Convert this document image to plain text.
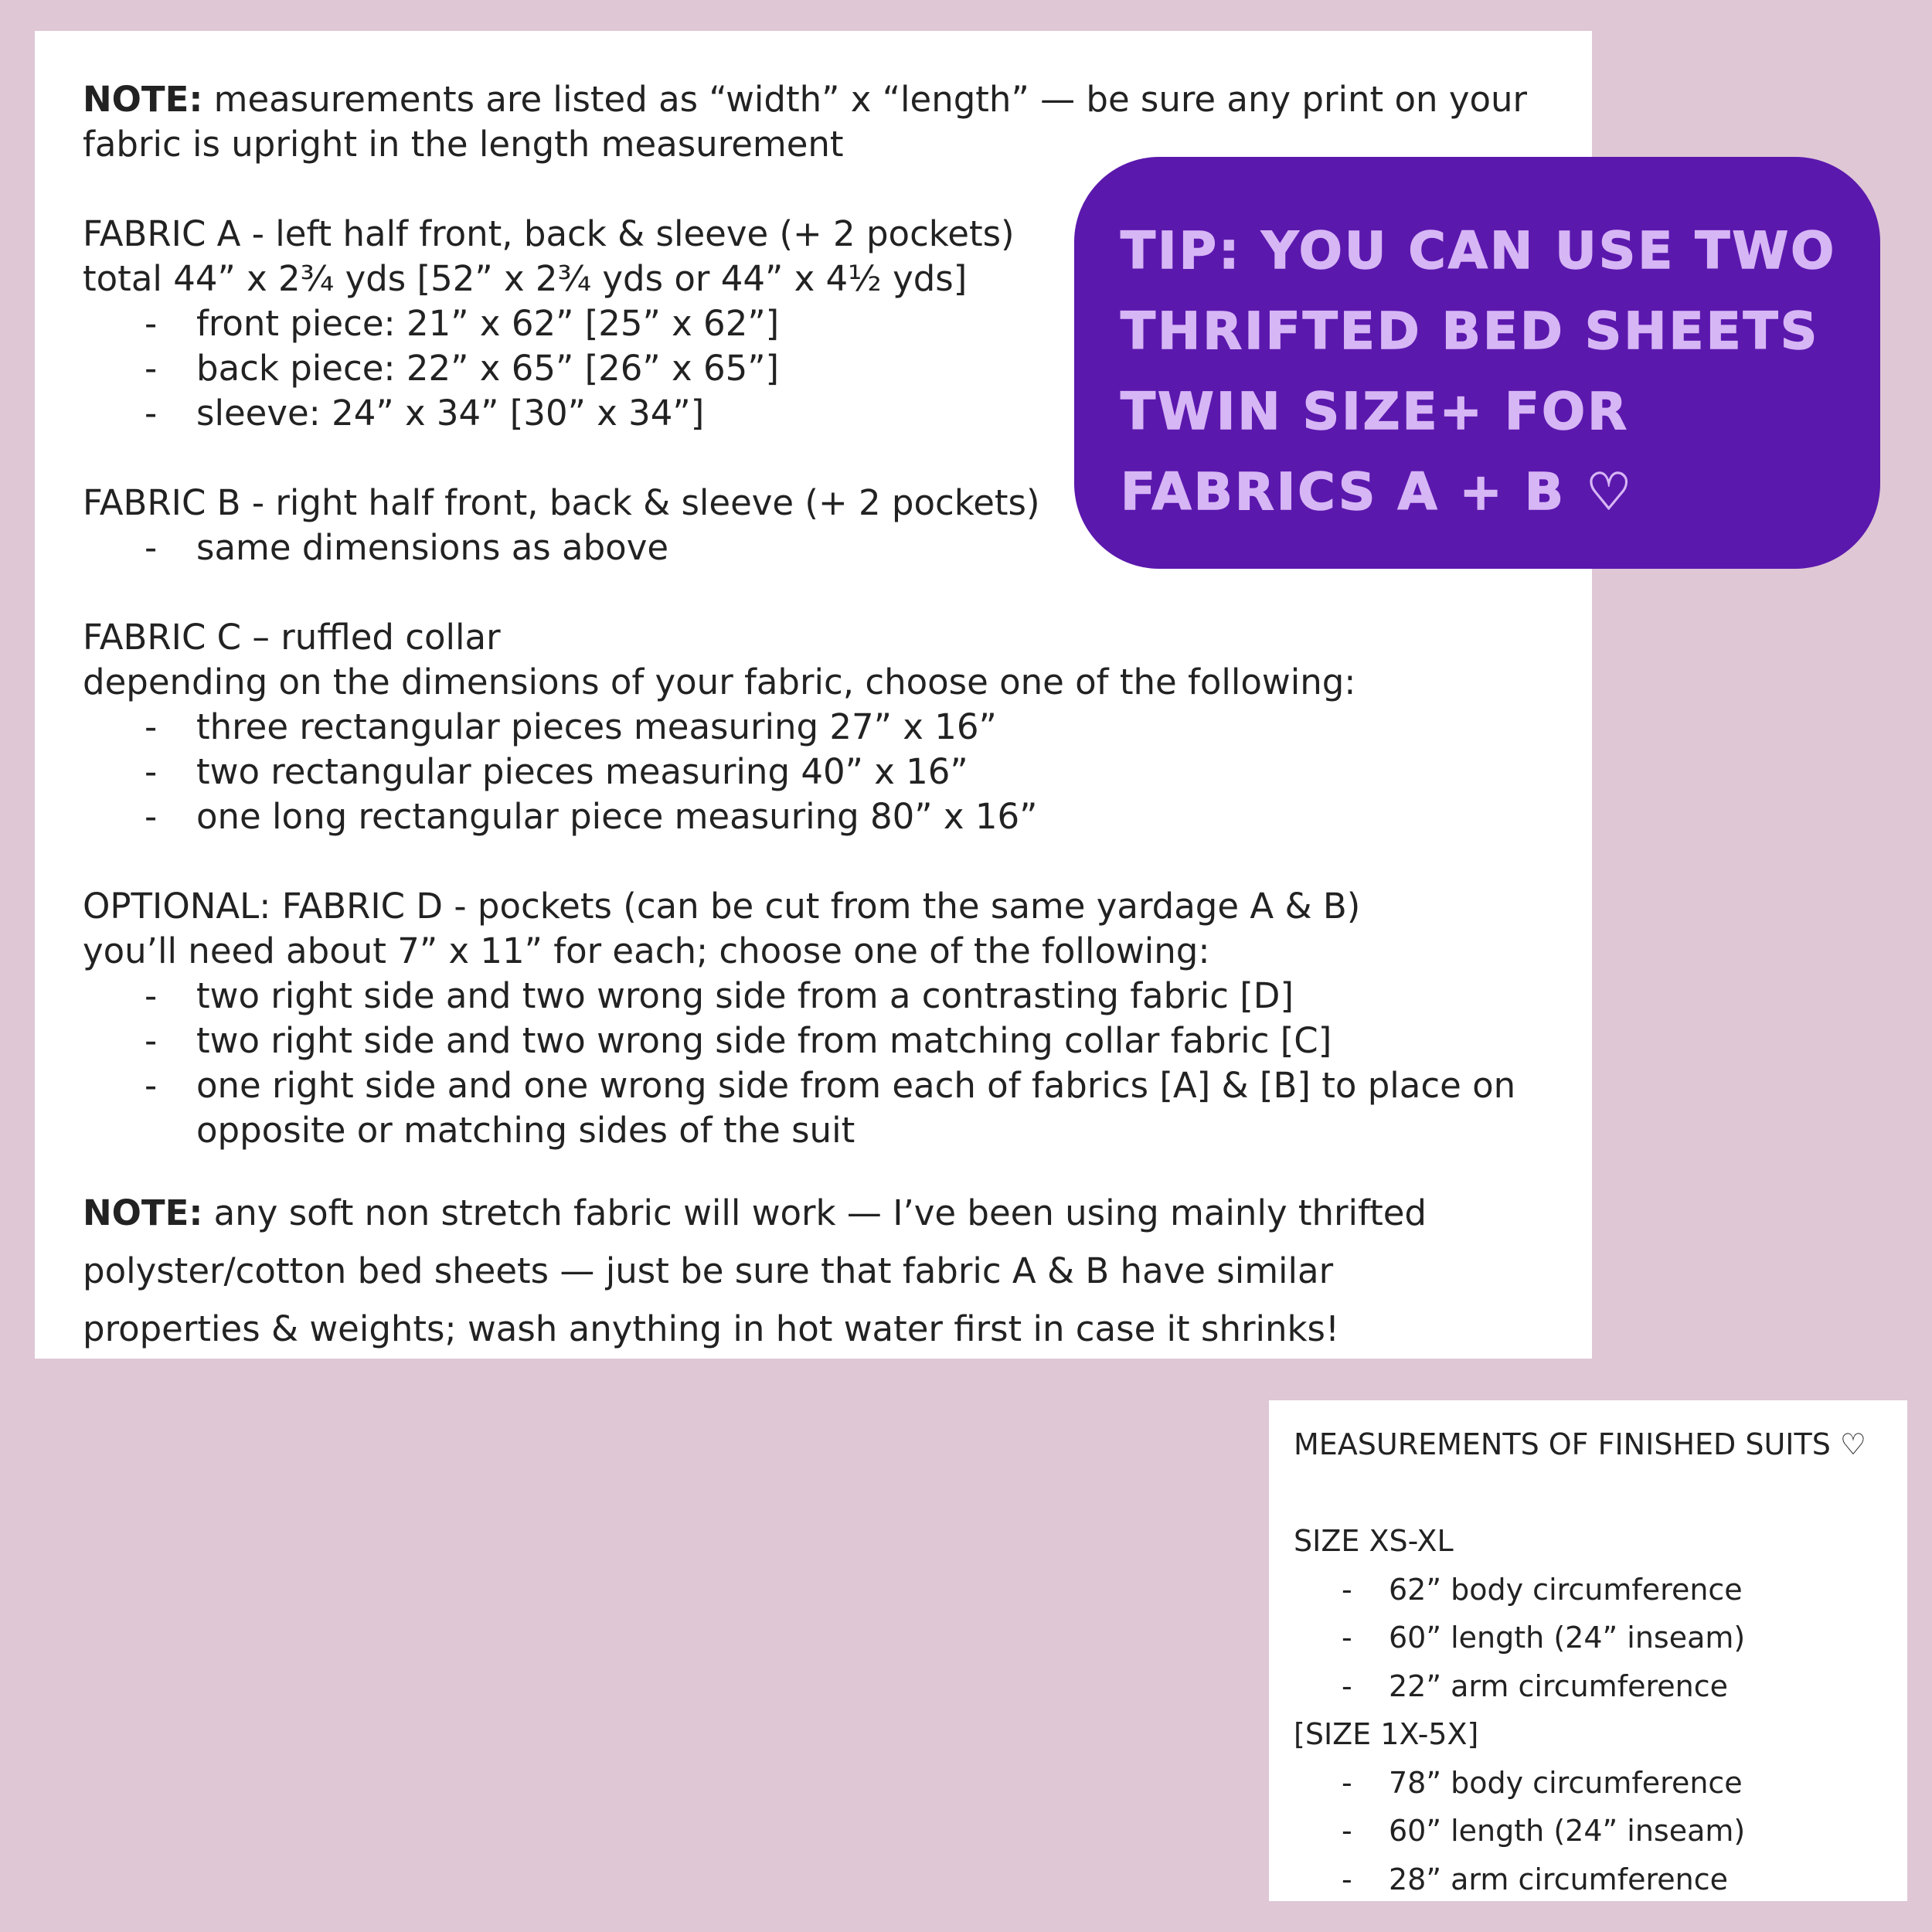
NOTE: measurements are listed as “width” x “length” — be sure any print on your

fabric is upright in the length measurement

FABRIC A - left half front, back & sleeve (+ 2 pockets)

total 44” x 2¾ yds [52” x 2¾ yds or 44” x 4½ yds]

- front piece: 21” x 62” [25” x 62”]
- back piece: 22” x 65” [26” x 65”]
- sleeve: 24” x 34” [30” x 34”]

FABRIC B - right half front, back & sleeve (+ 2 pockets)

- same dimensions as above

FABRIC C – ruffled collar

depending on the dimensions of your fabric, choose one of the following:

- three rectangular pieces measuring 27” x 16”
- two rectangular pieces measuring 40” x 16”
- one long rectangular piece measuring 80” x 16”

OPTIONAL: FABRIC D - pockets (can be cut from the same yardage A & B)

you’ll need about 7” x 11” for each; choose one of the following:

- two right side and two wrong side from a contrasting fabric [D]
- two right side and two wrong side from matching collar fabric [C]
- one right side and one wrong side from each of fabrics [A] & [B] to place on opposite or matching sides of the suit

NOTE: any soft non stretch fabric will work — I’ve been using mainly thrifted

polyster/cotton bed sheets — just be sure that fabric A & B have similar

properties & weights; wash anything in hot water first in case it shrinks!

TIP: YOU CAN USE TWO

THRIFTED BED SHEETS

TWIN SIZE+ FOR

FABRICS A + B ♡

MEASUREMENTS OF FINISHED SUITS ♡

SIZE XS-XL

- 62” body circumference
- 60” length (24” inseam)
- 22” arm circumference

[SIZE 1X-5X]

- 78” body circumference
- 60” length (24” inseam)
- 28” arm circumference
